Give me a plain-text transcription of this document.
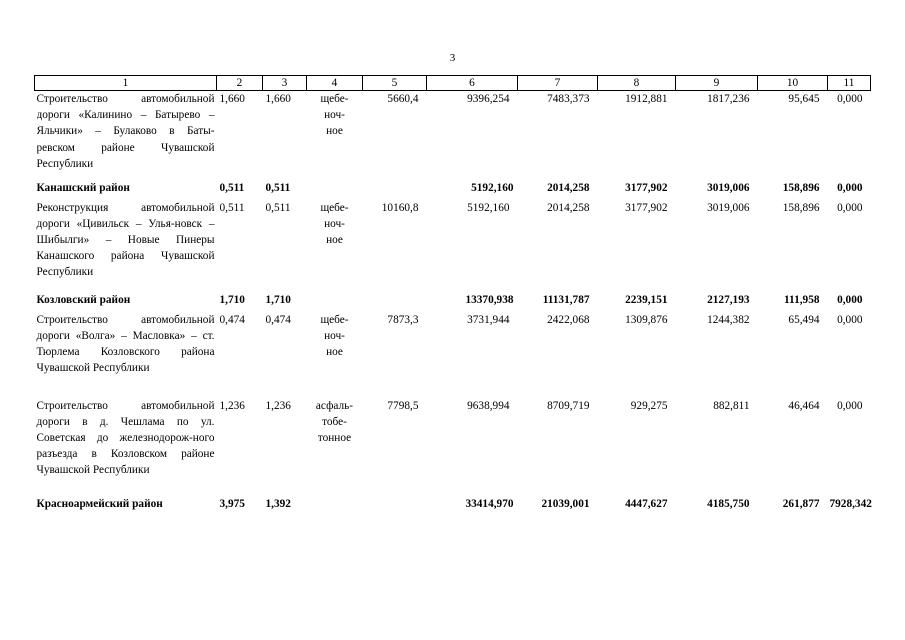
3
1	2	3	4	5	6	7	8	9	10	11

Строительство автомобильной дороги «Калинино – Батырево – Яльчики» – Булаково в Баты-ревском районе Чувашской Республики	1,660	1,660	щебе-
ноч-
ное	5660,4	9396,254	7483,373	1912,881	1817,236	95,645	0,000
Канашский район	0,511	0,511			5192,160	2014,258	3177,902	3019,006	158,896	0,000
Реконструкция автомобильной дороги «Цивильск – Улья-новск – Шибылги» – Новые Пинеры Канашского района Чувашской Республики	0,511	0,511	щебе-
ноч-
ное	10160,8	5192,160	2014,258	3177,902	3019,006	158,896	0,000
Козловский район	1,710	1,710			13370,938	11131,787	2239,151	2127,193	111,958	0,000
Строительство автомобильной дороги «Волга» – Масловка» – ст. Тюрлема Козловского района Чувашской Республики	0,474	0,474	щебе-
ноч-
ное	7873,3	3731,944	2422,068	1309,876	1244,382	65,494	0,000
Строительство автомобильной дороги в д. Чешлама по ул. Советская до железнодорож-ного разъезда в Козловском районе Чувашской Республики	1,236	1,236	асфаль-
тобе-
тонное	7798,5	9638,994	8709,719	929,275	882,811	46,464	0,000
Красноармейский район	3,975	1,392			33414,970	21039,001	4447,627	4185,750	261,877	7928,342
